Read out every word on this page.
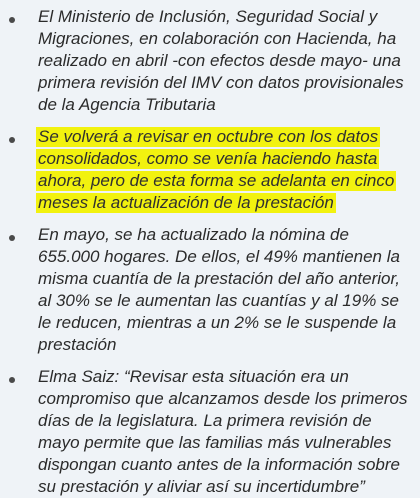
El Ministerio de Inclusión, Seguridad Social y Migraciones, en colaboración con Hacienda, ha realizado en abril -con efectos desde mayo- una primera revisión del IMV con datos provisionales de la Agencia Tributaria
Se volverá a revisar en octubre con los datos consolidados, como se venía haciendo hasta ahora, pero de esta forma se adelanta en cinco meses la actualización de la prestación
En mayo, se ha actualizado la nómina de 655.000 hogares. De ellos, el 49% mantienen la misma cuantía de la prestación del año anterior, al 30% se le aumentan las cuantías y al 19% se le reducen, mientras a un 2% se le suspende la prestación
Elma Saiz: “Revisar esta situación era un compromiso que alcanzamos desde los primeros días de la legislatura. La primera revisión de mayo permite que las familias más vulnerables dispongan cuanto antes de la información sobre su prestación y aliviar así su incertidumbre”
